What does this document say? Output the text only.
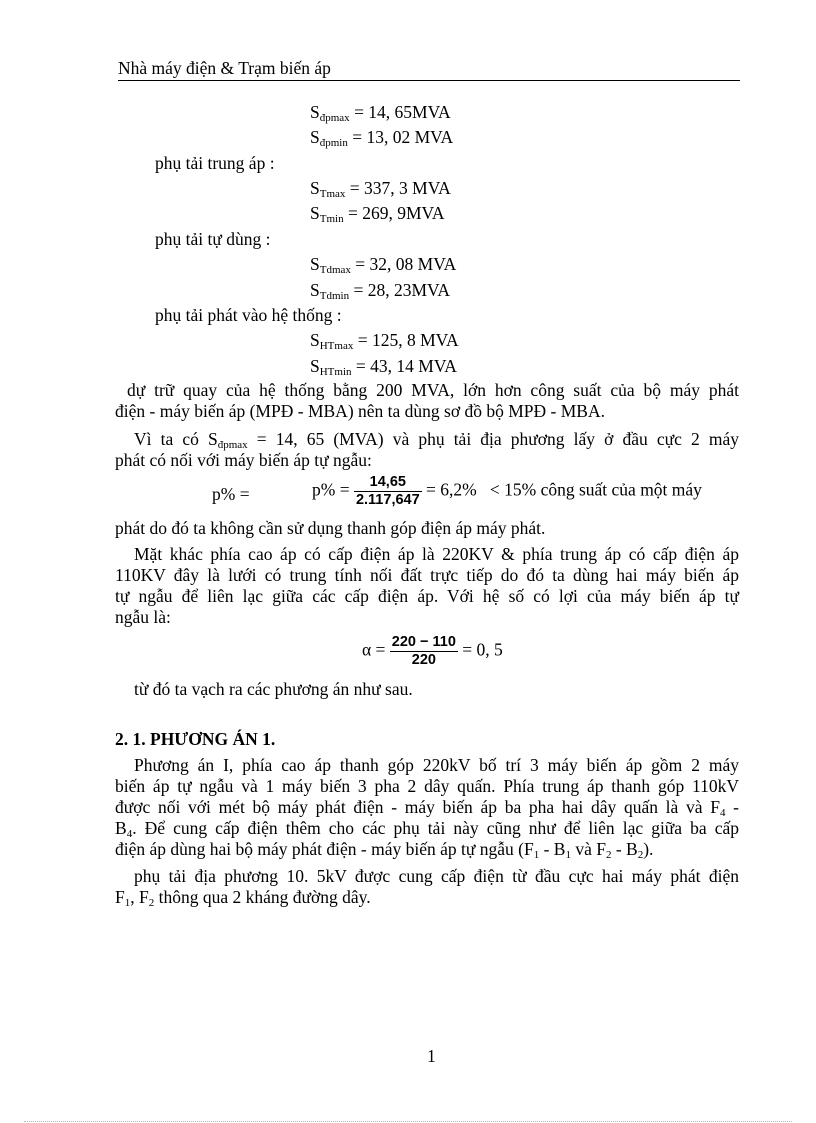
Nhà máy điện & Trạm biến áp
$S_{đpmax} = 14$, 65MVA
$S_{đpmin} = 13$, 02 MVA
phụ tải trung áp :
$S_{Tmax} = 337$, 3 MVA
$S_{Tmin} = 269$, 9MVA
phụ tải tự dùng :
$S_{Tdmax} = 32$, 08 MVA
$S_{Tdmin} = 28$, 23MVA
phụ tải phát vào hệ thống :
$S_{HTmax} = 125$, 8 MVA
$S_{HTmin} = 43$, 14 MVA
dự trữ quay của hệ thống bằng 200 MVA, lớn hơn công suất của bộ máy phát
điện - máy biến áp (MPĐ - MBA) nên ta dùng sơ đồ bộ MPĐ - MBA.
Vì ta có $S_{đpmax} = 14$, 65 (MVA) và phụ tải địa phương lấy ở đầu cực 2 máy
phát có nối với máy biến áp tự ngẫu:
p% =	$p\% = \frac{14,65}{2.117,647} = 6,2\% < 15\%$ công suất của một máy
phát do đó ta không cần sử dụng thanh góp điện áp máy phát.
Mặt khác phía cao áp có cấp điện áp là 220KV & phía trung áp có cấp điện áp
110KV đây là lưới có trung tính nối đất trực tiếp do đó ta dùng hai máy biến áp
tự ngẫu để liên lạc giữa các cấp điện áp. Với hệ số có lợi của máy biến áp tự
ngẫu là:
$\alpha = \frac{220 - 110}{220} = 0$, 5
từ đó ta vạch ra các phương án như sau.
2. 1. PHƯƠNG ÁN 1.
Phương án I, phía cao áp thanh góp 220kV bố trí 3 máy biến áp gồm 2 máy
biến áp tự ngẫu và 1 máy biến 3 pha 2 dây quấn. Phía trung áp thanh góp 110kV
được nối với mét bộ máy phát điện - máy biến áp ba pha hai dây quấn là và $F_4$ -
$B_4$. Để cung cấp điện thêm cho các phụ tải này cũng như để liên lạc giữa ba cấp
điện áp dùng hai bộ máy phát điện - máy biến áp tự ngẫu ($F_1 - B_1$ và $F_2 - B_2$).
phụ tải địa phương 10. 5kV được cung cấp điện từ đầu cực hai máy phát điện
$F_1$, $F_2$ thông qua 2 kháng đường dây.
1
